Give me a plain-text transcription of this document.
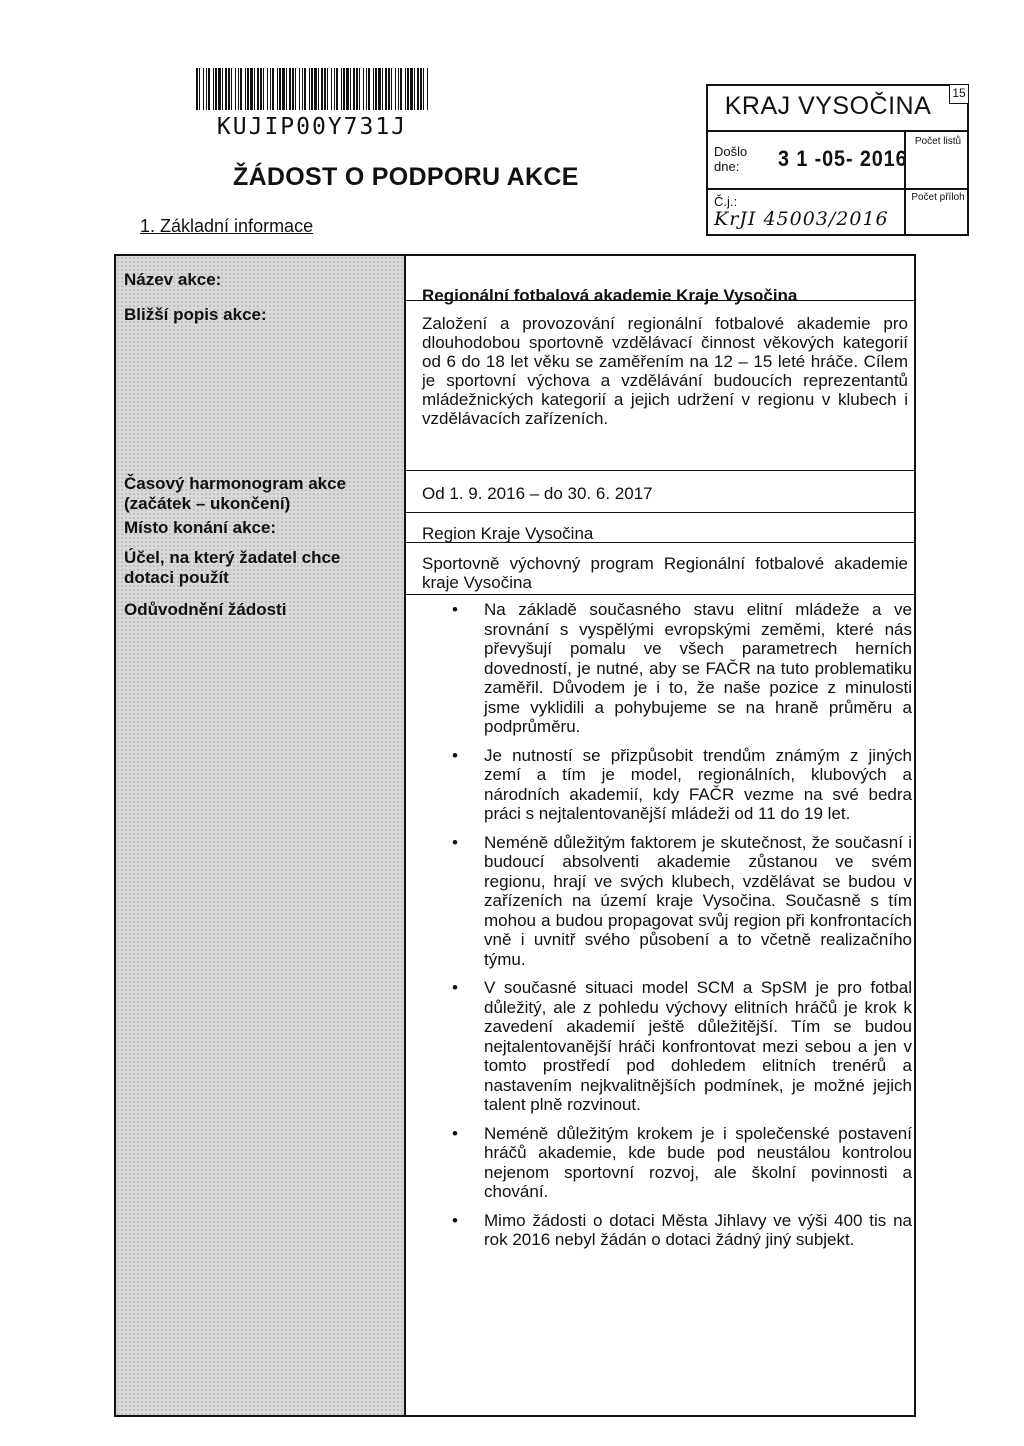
KUJIP00Y731J
ŽÁDOST O PODPORU AKCE
1. Základní informace
KRAJ VYSOČINA	15
Došlo dne:	3 1 -05- 2016
Počet listů
Č.j.:
KrJI 45003/2016
Počet příloh
Název akce:
Bližší popis akce:
Časový harmonogram akce
(začátek – ukončení)
Místo konání akce:
Účel, na který žadatel chce
dotaci použít
Odůvodnění žádosti
Regionální fotbalová akademie Kraje Vysočina
Založení a provozování regionální fotbalové akademie pro dlouhodobou sportovně vzdělávací činnost věkových kategorií od 6 do 18 let věku se zaměřením na 12 – 15 leté hráče. Cílem je sportovní výchova a vzdělávání budoucích reprezentantů mládežnických kategorií a jejich udržení v regionu v klubech i vzdělávacích zařízeních.
Od 1. 9. 2016 – do 30. 6. 2017
Region Kraje Vysočina
Sportovně výchovný program Regionální fotbalové akademie kraje Vysočina
• Na základě současného stavu elitní mládeže a ve srovnání s vyspělými evropskými zeměmi, které nás převyšují pomalu ve všech parametrech herních dovedností, je nutné, aby se FAČR na tuto problematiku zaměřil. Důvodem je i to, že naše pozice z minulosti jsme vyklidili a pohybujeme se na hraně průměru a podprůměru.
• Je nutností se přizpůsobit trendům známým z jiných zemí a tím je model, regionálních, klubových a národních akademií, kdy FAČR vezme na své bedra práci s nejtalentovanější mládeži od 11 do 19 let.
• Neméně důležitým faktorem je skutečnost, že současní i budoucí absolventi akademie zůstanou ve svém regionu, hrají ve svých klubech, vzdělávat se budou v zařízeních na území kraje Vysočina. Současně s tím mohou a budou propagovat svůj region při konfrontacích vně i uvnitř svého působení a to včetně realizačního týmu.
• V současné situaci model SCM a SpSM je pro fotbal důležitý, ale z pohledu výchovy elitních hráčů je krok k zavedení akademií ještě důležitější. Tím se budou nejtalentovanější hráči konfrontovat mezi sebou a jen v tomto prostředí pod dohledem elitních trenérů a nastavením nejkvalitnějších podmínek, je možné jejich talent plně rozvinout.
• Neméně důležitým krokem je i společenské postavení hráčů akademie, kde bude pod neustálou kontrolou nejenom sportovní rozvoj, ale školní povinnosti a chování.
• Mimo žádosti o dotaci Města Jihlavy ve výši 400 tis na rok 2016 nebyl žádán o dotaci žádný jiný subjekt.
